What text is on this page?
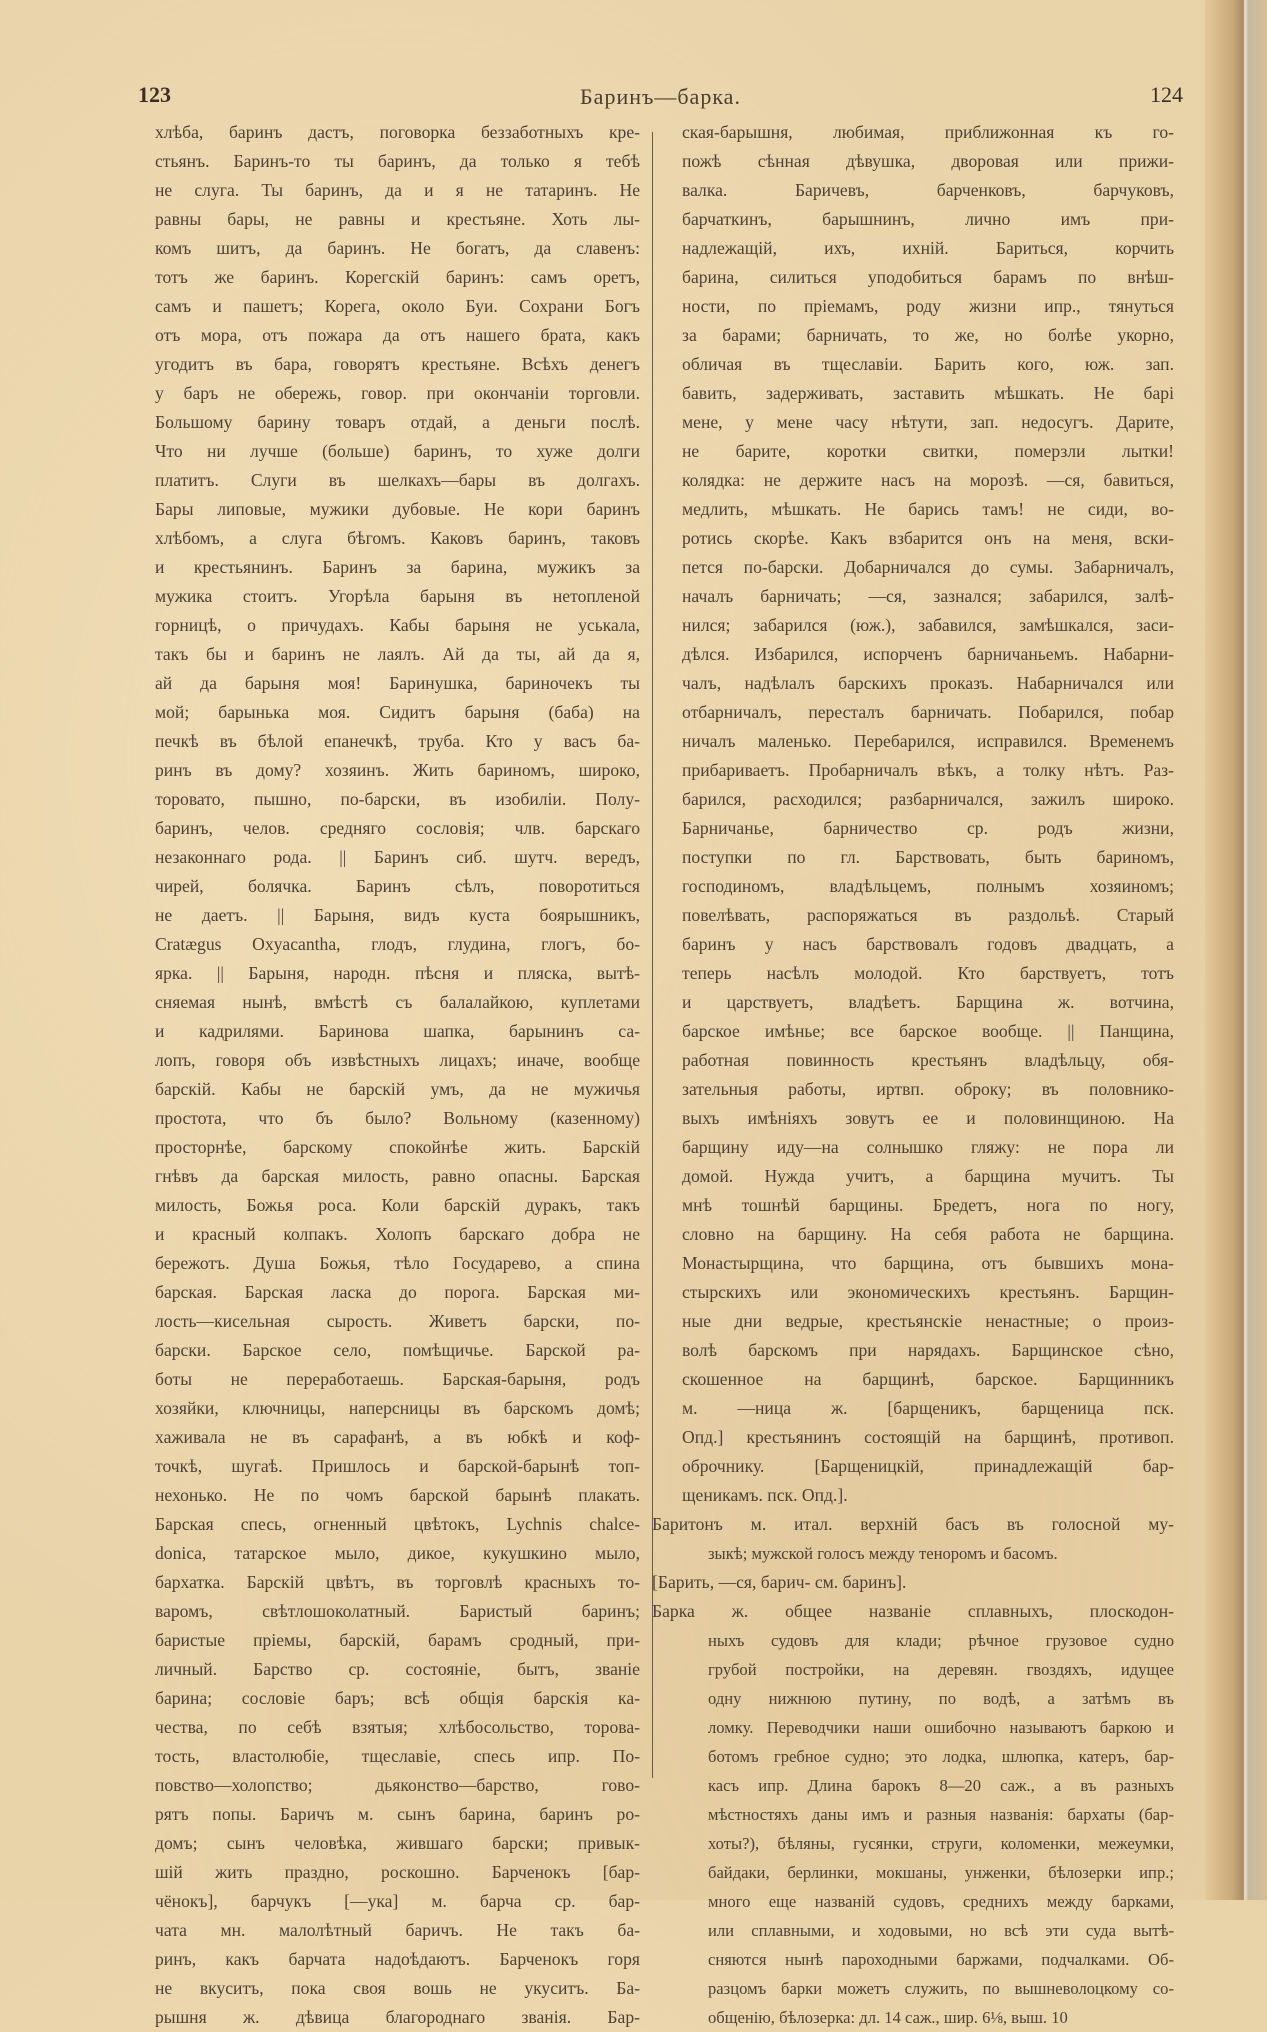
123	Баринъ—барка.	124
хлѣба, баринъ дастъ, поговорка беззаботныхъ кре-
стьянъ. Баринъ-то ты баринъ, да только я тебѣ
не слуга. Ты баринъ, да и я не татаринъ. Не
равны бары, не равны и крестьяне. Хоть лы-
комъ шитъ, да баринъ. Не богатъ, да славенъ:
тотъ же баринъ. Корегскій баринъ: самъ оретъ,
самъ и пашетъ; Корега, около Буи. Сохрани Богъ
отъ мора, отъ пожара да отъ нашего брата, какъ
угодитъ въ бара, говорятъ крестьяне. Всѣхъ денегъ
у баръ не обережь, говор. при окончаніи торговли.
Большому барину товаръ отдай, а деньги послѣ.
Что ни лучше (больше) баринъ, то хуже долги
платитъ. Слуги въ шелкахъ—бары въ долгахъ.
Бары липовые, мужики дубовые. Не кори баринъ
хлѣбомъ, а слуга бѣгомъ. Каковъ баринъ, таковъ
и крестьянинъ. Баринъ за барина, мужикъ за
мужика стоитъ. Угорѣла барыня въ нетопленой
горницѣ, о причудахъ. Кабы барыня не уськала,
такъ бы и баринъ не лаялъ. Ай да ты, ай да я,
ай да барыня моя! Баринушка, бариночекъ ты
мой; барынька моя. Сидитъ барыня (баба) на
печкѣ въ бѣлой епанечкѣ, труба. Кто у васъ ба-
ринъ въ дому? хозяинъ. Жить бариномъ, широко,
торовато, пышно, по-барски, въ изобиліи. Полу-
баринъ, челов. средняго сословія; члв. барскаго
незаконнаго рода. || Баринъ сиб. шутч. вередъ,
чирей, болячка. Баринъ сѣлъ, поворотиться
не даетъ. || Барыня, видъ куста боярышникъ,
Cratægus Oxyacantha, глодъ, глудина, глогъ, бо-
ярка. || Барыня, народн. пѣсня и пляска, вытѣ-
сняемая нынѣ, вмѣстѣ съ балалайкою, куплетами
и кадрилями. Баринова шапка, барынинъ са-
лопъ, говоря объ извѣстныхъ лицахъ; иначе, вообще
барскій. Кабы не барскій умъ, да не мужичья
простота, что бъ было? Вольному (казенному)
просторнѣе, барскому спокойнѣе жить. Барскій
гнѣвъ да барская милость, равно опасны. Барская
милость, Божья роса. Коли барскій дуракъ, такъ
и красный колпакъ. Холопъ барскаго добра не
бережотъ. Душа Божья, тѣло Государево, а спина
барская. Барская ласка до порога. Барская ми-
лость—кисельная сырость. Живетъ барски, по-
барски. Барское село, помѣщичье. Барской ра-
боты не переработаешь. Барская-барыня, родъ
хозяйки, ключницы, наперсницы въ барскомъ домѣ;
хаживала не въ сарафанѣ, а въ юбкѣ и коф-
точкѣ, шугаѣ. Пришлось и барской-барынѣ топ-
нехонько. Не по чомъ барской барынѣ плакать.
Барская спесь, огненный цвѣтокъ, Lychnis chalce-
donica, татарское мыло, дикое, кукушкино мыло,
бархатка. Барскій цвѣтъ, въ торговлѣ красныхъ то-
варомъ, свѣтлошоколатный. Баристый баринъ;
баристые пріемы, барскій, барамъ сродный, при-
личный. Барство ср. состояніе, бытъ, званіе
барина; сословіе баръ; всѣ общія барскія ка-
чества, по себѣ взятыя; хлѣбосольство, торова-
тость, властолюбіе, тщеславіе, спесь ипр. По-
повство—холопство; дьяконство—барство, гово-
рятъ попы. Баричъ м. сынъ барина, баринъ ро-
домъ; сынъ человѣка, жившаго барски; привык-
шій жить праздно, роскошно. Барченокъ [бар-
чёнокъ], барчукъ [—ука] м. барча ср. бар-
чата мн. малолѣтный баричъ. Не такъ ба-
ринъ, какъ барчата надоѣдаютъ. Барченокъ горя
не вкуситъ, пока своя вошь не укуситъ. Ба-
рышня ж. дѣвица благороднаго званія. Бар-
ская-барышня, любимая, приближонная къ го-
пожѣ сѣнная дѣвушка, дворовая или прижи-
валка. Баричевъ, барченковъ, барчуковъ,
барчаткинъ, барышнинъ, лично имъ при-
надлежащій, ихъ, ихній. Бариться, корчить
барина, силиться уподобиться барамъ по внѣш-
ности, по пріемамъ, роду жизни ипр., тянуться
за барами; барничать, то же, но болѣе укорно,
обличая въ тщеславіи. Барить кого, юж. зап.
бавить, задерживать, заставить мѣшкать. Не барі
мене, у мене часу нѣтути, зап. недосугъ. Дарите,
не барите, коротки свитки, померзли лытки!
колядка: не держите насъ на морозѣ. —ся, бавиться,
медлить, мѣшкать. Не барись тамъ! не сиди, во-
ротись скорѣе. Какъ взбарится онъ на меня, вски-
пется по-барски. Добарничался до сумы. Забарничалъ,
началъ барничать; —ся, зазнался; забарился, залѣ-
нился; забарился (юж.), забавился, замѣшкался, заси-
дѣлся. Избарился, испорченъ барничаньемъ. Набарни-
чалъ, надѣлалъ барскихъ проказъ. Набарничался или
отбарничалъ, пересталъ барничать. Побарился, побар
ничалъ маленько. Перебарился, исправился. Временемъ
прибариваетъ. Пробарничалъ вѣкъ, а толку нѣтъ. Раз-
барился, расходился; разбарничался, зажилъ широко.
Барничанье, барничество ср. родъ жизни,
поступки по гл. Барствовать, быть бариномъ,
господиномъ, владѣльцемъ, полнымъ хозяиномъ;
повелѣвать, распоряжаться въ раздольѣ. Старый
баринъ у насъ барствовалъ годовъ двадцать, а
теперь насѣлъ молодой. Кто барствуетъ, тотъ
и царствуетъ, владѣетъ. Барщина ж. вотчина,
барское имѣнье; все барское вообще. || Панщина,
работная повинность крестьянъ владѣльцу, обя-
зательныя работы, иртвп. оброку; въ половнико-
выхъ имѣніяхъ зовутъ ее и половинщиною. На
барщину иду—на солнышко гляжу: не пора ли
домой. Нужда учитъ, а барщина мучитъ. Ты
мнѣ тошнѣй барщины. Бредетъ, нога по ногу,
словно на барщину. На себя работа не барщина.
Монастырщина, что барщина, отъ бывшихъ мона-
стырскихъ или экономическихъ крестьянъ. Барщин-
ные дни ведрые, крестьянскіе ненастные; о произ-
волѣ барскомъ при нарядахъ. Барщинское сѣно,
скошенное на барщинѣ, барское. Барщинникъ
м. —ница ж. [барщеникъ, барщеница пск.
Опд.] крестьянинъ состоящій на барщинѣ, противоп.
оброчнику. [Барщеницкій, принадлежащій бар-
щеникамъ. пск. Опд.].
Баритонъ м. итал. верхній басъ въ голосной му-
зыкѣ; мужской голосъ между теноромъ и басомъ.
[Барить, —ся, барич- см. баринъ].
Барка ж. общее названіе сплавныхъ, плоскодон-
ныхъ судовъ для клади; рѣчное грузовое судно
грубой постройки, на деревян. гвоздяхъ, идущее
одну нижнюю путину, по водѣ, а затѣмъ въ
ломку. Переводчики наши ошибочно называютъ баркою и
ботомъ гребное судно; это лодка, шлюпка, катеръ, бар-
касъ ипр. Длина барокъ 8—20 саж., а въ разныхъ
мѣстностяхъ даны имъ и разныя названія: бархаты (бар-
хоты?), бѣляны, гусянки, струги, коломенки, межеумки,
байдаки, берлинки, мокшаны, унженки, бѣлозерки ипр.;
много еще названій судовъ, среднихъ между барками,
или сплавными, и ходовыми, но всѣ эти суда вытѣ-
сняются нынѣ пароходными баржами, подчалками. Об-
разцомъ барки можетъ служить, по вышневолоцкому со-
общенію, бѣлозерка: дл. 14 саж., шир. 6⅛, выш. 10
